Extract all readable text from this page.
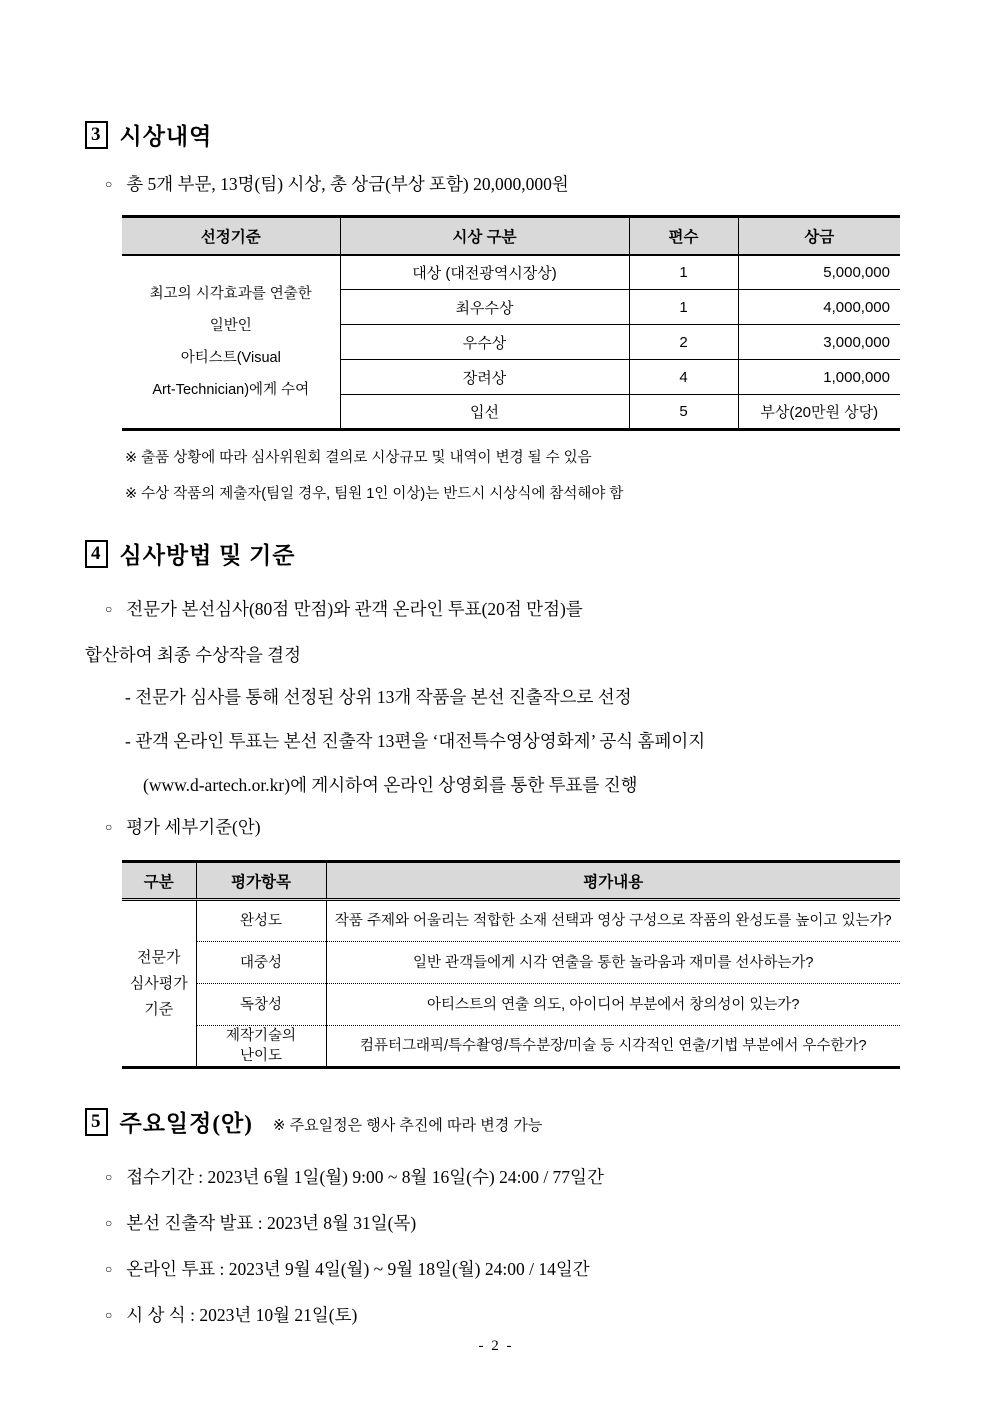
3 시상내역
○ 총 5개 부문, 13명(팀) 시상, 총 상금(부상 포함) 20,000,000원
선정기준	시상 구분	편수	상금

최고의 시각효과를 연출한
일반인
아티스트(Visual
Art-Technician)에게 수여	대상 (대전광역시장상)	1	5,000,000
	최우수상	1	4,000,000
	우수상	2	3,000,000
	장려상	4	1,000,000
	입선	5	부상(20만원 상당)
※ 출품 상황에 따라 심사위원회 결의로 시상규모 및 내역이 변경 될 수 있음
※ 수상 작품의 제출자(팀일 경우, 팀원 1인 이상)는 반드시 시상식에 참석해야 함
4 심사방법 및 기준
○ 전문가 본선심사(80점 만점)와 관객 온라인 투표(20점 만점)를
합산하여 최종 수상작을 결정
- 전문가 심사를 통해 선정된 상위 13개 작품을 본선 진출작으로 선정
- 관객 온라인 투표는 본선 진출작 13편을 ‘대전특수영상영화제’ 공식 홈페이지
(www.d-artech.or.kr)에 게시하여 온라인 상영회를 통한 투표를 진행
○ 평가 세부기준(안)
구분	평가항목	평가내용

전문가
심사평가
기준	완성도	작품 주제와 어울리는 적합한 소재 선택과 영상 구성으로 작품의 완성도를 높이고 있는가?
	대중성	일반 관객들에게 시각 연출을 통한 놀라움과 재미를 선사하는가?
	독창성	아티스트의 연출 의도, 아이디어 부분에서 창의성이 있는가?

	제작기술의
난이도	컴퓨터그래픽/특수촬영/특수분장/미술 등 시각적인 연출/기법 부분에서 우수한가?
5 주요일정(안) ※ 주요일정은 행사 추진에 따라 변경 가능
○ 접수기간 : 2023년 6월 1일(월) 9:00 ~ 8월 16일(수) 24:00 / 77일간
○ 본선 진출작 발표 : 2023년 8월 31일(목)
○ 온라인 투표 : 2023년 9월 4일(월) ~ 9월 18일(월) 24:00 / 14일간
○ 시 상 식 : 2023년 10월 21일(토)
- 2 -
